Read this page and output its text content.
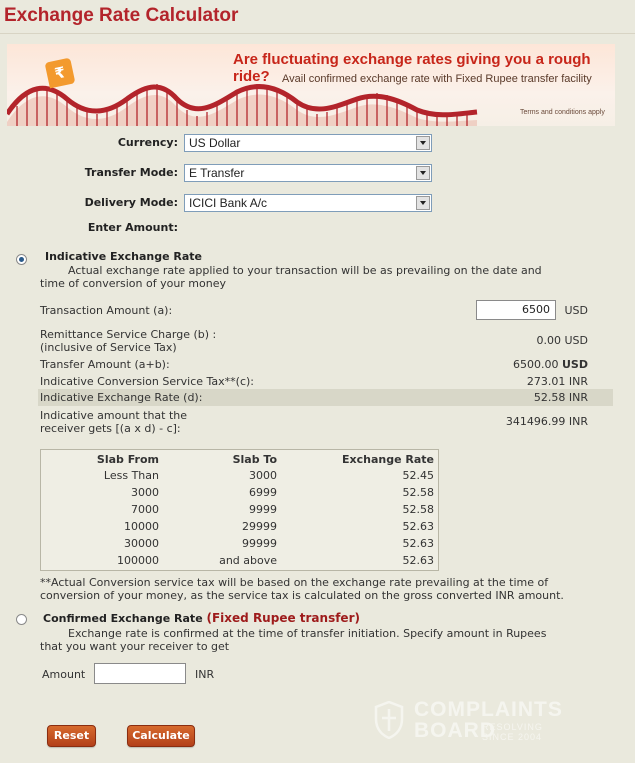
Exchange Rate Calculator
₹
Are fluctuating exchange rates giving you a rough ride?	Avail confirmed exchange rate with Fixed Rupee transfer facility
Terms and conditions apply
Currency: US Dollar
Transfer Mode: E Transfer
Delivery Mode: ICICI Bank A/c
Enter Amount:
Indicative Exchange Rate
Actual exchange rate applied to your transaction will be as prevailing on the date and
time of conversion of your money
Transaction Amount (a):	6500	USD
Remittance Service Charge (b) :
(inclusive of Service Tax)
0.00 USD
Transfer Amount (a+b):	6500.00 USD
Indicative Conversion Service Tax**(c):	273.01 INR
Indicative Exchange Rate (d):	52.58 INR
Indicative amount that the
receiver gets [(a x d) - c]:
341496.99 INR
Slab From	Slab To	Exchange Rate
Less Than	3000	52.45
3000	6999	52.58
7000	9999	52.58
10000	29999	52.63
30000	99999	52.63
100000	and above	52.63
**Actual Conversion service tax will be based on the exchange rate prevailing at the time of
conversion of your money, as the service tax is calculated on the gross converted INR amount.
Confirmed Exchange Rate (Fixed Rupee transfer)
Exchange rate is confirmed at the time of transfer initiation. Specify amount in Rupees
that you want your receiver to get
Amount	INR
Reset	Calculate
COMPLAINTS
BOARD
RESOLVING
SINCE 2004
